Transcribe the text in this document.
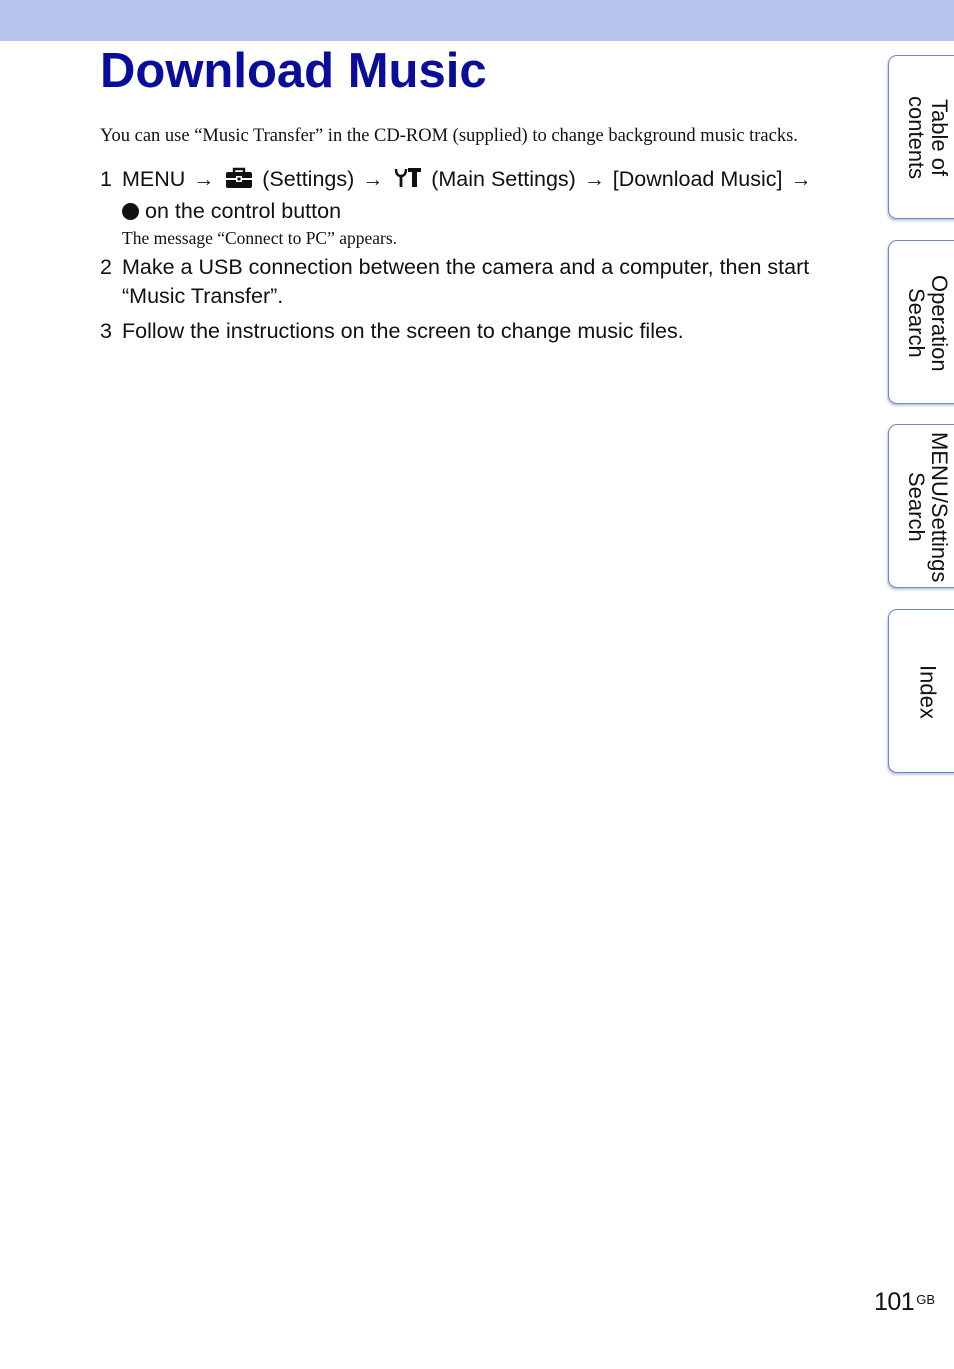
Download Music

You can use “Music Transfer” in the CD-ROM (supplied) to change background music tracks.

1 MENU → (Settings) → (Main Settings) → [Download Music] →
on the control button
The message “Connect to PC” appears.
2 Make a USB connection between the camera and a computer, then start “Music Transfer”.
3 Follow the instructions on the screen to change music files.
Table of
contents
Operation
Search
MENU/Settings
Search
Index
101 $^{GB}$
